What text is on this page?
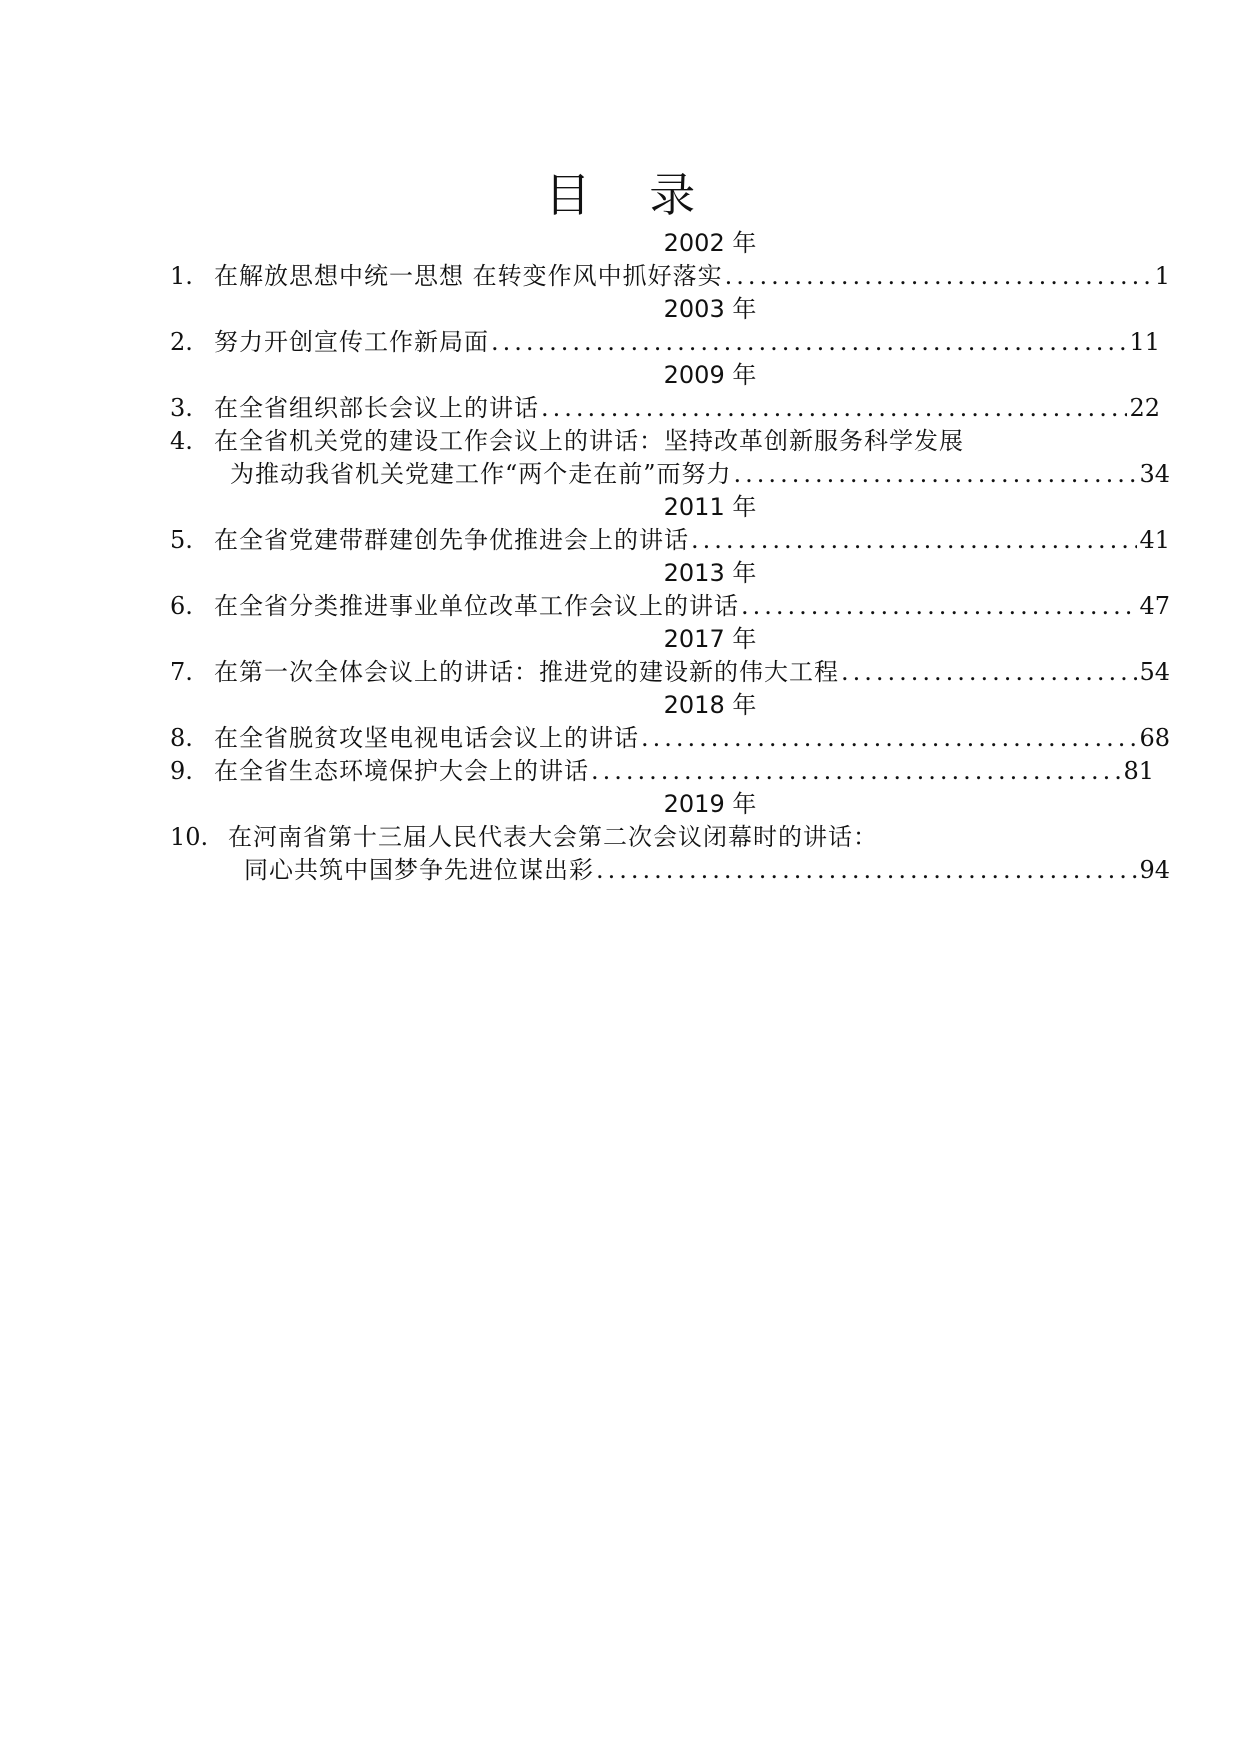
目 录
2002 年
1. 在解放思想中统一思想 在转变作风中抓好落实 .....	1
2003 年
2. 努力开创宣传工作新局面 .....	11
2009 年
3. 在全省组织部长会议上的讲话 .....	22
4. 在全省机关党的建设工作会议上的讲话：坚持改革创新服务科学发展
为推动我省机关党建工作“两个走在前”而努力 .....	34
2011 年
5. 在全省党建带群建创先争优推进会上的讲话 .....	41
2013 年
6. 在全省分类推进事业单位改革工作会议上的讲话 .....	47
2017 年
7. 在第一次全体会议上的讲话：推进党的建设新的伟大工程 .....	54
2018 年
8. 在全省脱贫攻坚电视电话会议上的讲话 .....	68
9. 在全省生态环境保护大会上的讲话 .....	81
2019 年
10. 在河南省第十三届人民代表大会第二次会议闭幕时的讲话：
同心共筑中国梦争先进位谋出彩 .....	94
